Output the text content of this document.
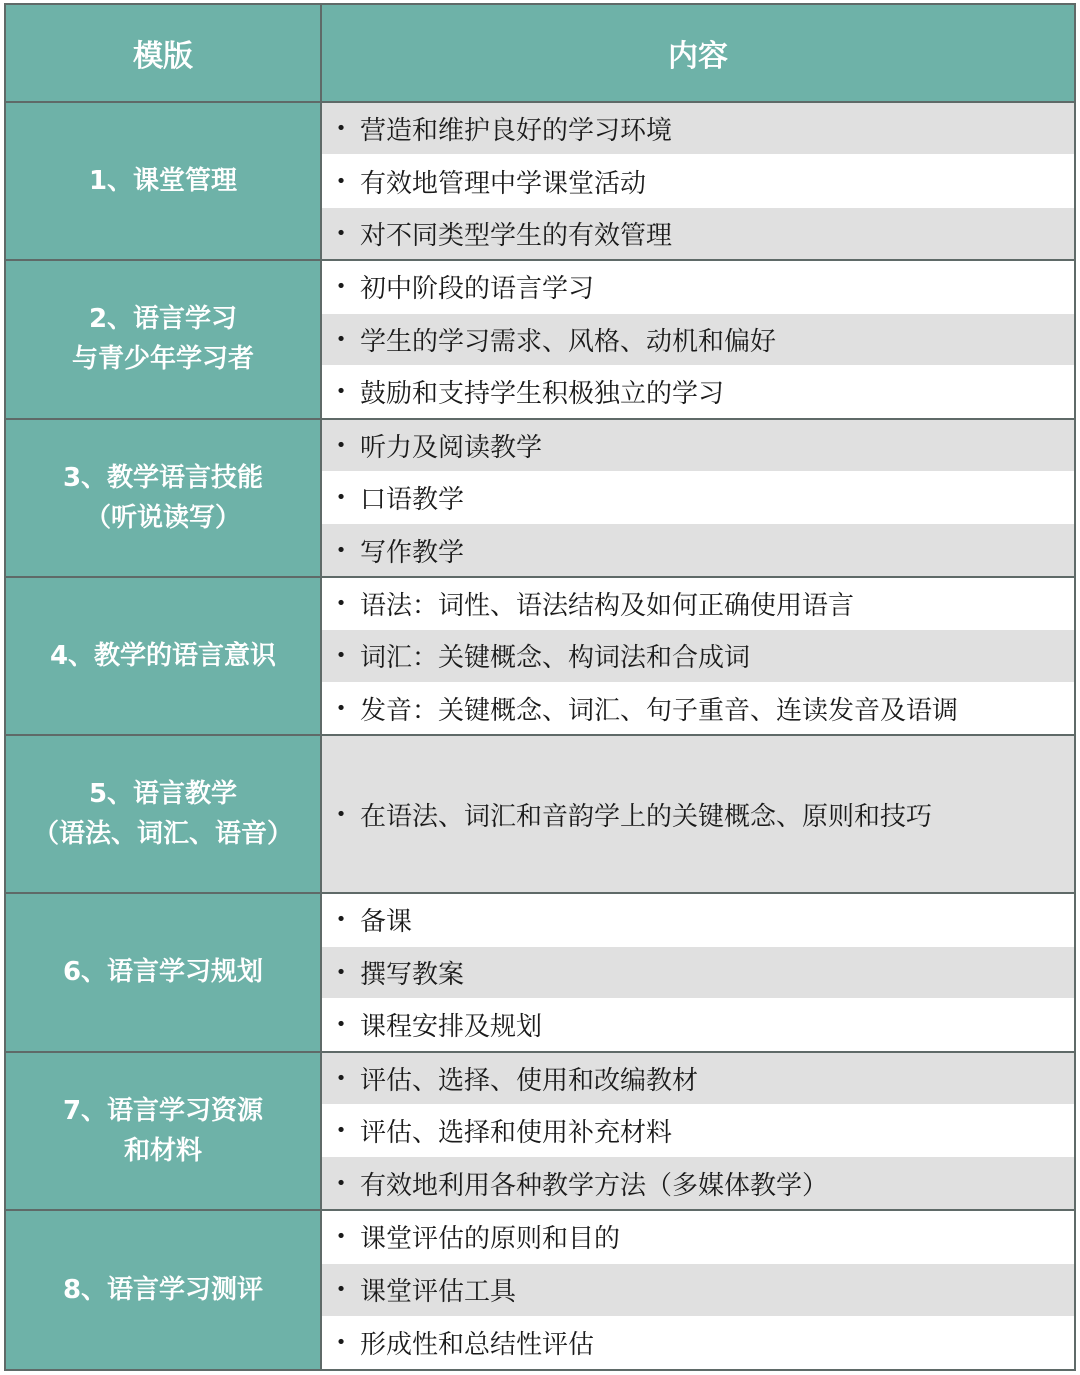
模版	内容
1、课堂管理
• 营造和维护良好的学习环境
• 有效地管理中学课堂活动
• 对不同类型学生的有效管理
2、语言学习
与青少年学习者
• 初中阶段的语言学习
• 学生的学习需求、风格、动机和偏好
• 鼓励和支持学生积极独立的学习
3、教学语言技能
（听说读写）
• 听力及阅读教学
• 口语教学
• 写作教学
4、教学的语言意识
• 语法：词性、语法结构及如何正确使用语言
• 词汇：关键概念、构词法和合成词
• 发音：关键概念、词汇、句子重音、连读发音及语调
5、语言教学
（语法、词汇、语音）
• 在语法、词汇和音韵学上的关键概念、原则和技巧
6、语言学习规划
• 备课
• 撰写教案
• 课程安排及规划
7、语言学习资源
和材料
• 评估、选择、使用和改编教材
• 评估、选择和使用补充材料
• 有效地利用各种教学方法（多媒体教学）
8、语言学习测评
• 课堂评估的原则和目的
• 课堂评估工具
• 形成性和总结性评估
